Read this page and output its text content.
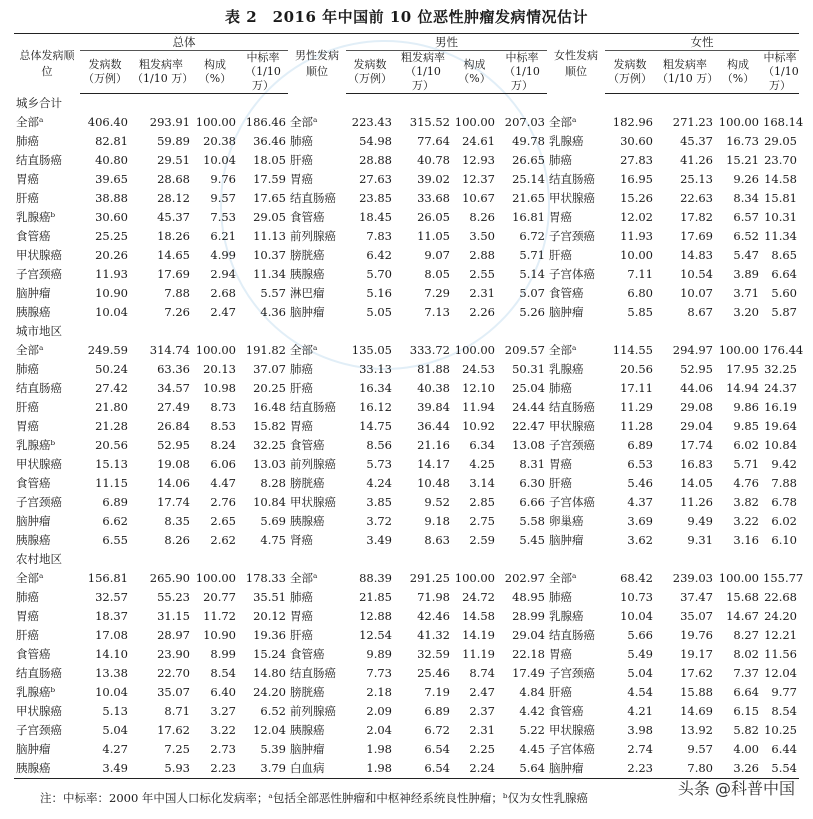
表 2　2016 年中国前 10 位恶性肿瘤发病情况估计
总体发病顺位	总体				男性发病顺位	男性				女性发病顺位	女性			
	发病数（万例）	粗发病率（1/10 万）	构成（%）	中标率（1/10 万）		发病数（万例）	粗发病率（1/10 万）	构成（%）	中标率（1/10 万）		发病数（万例）	粗发病率（1/10 万）	构成（%）	中标率（1/10 万）
城乡合计														
全部ᵃ	406.40	293.91	100.00	186.46	全部ᵃ	223.43	315.52	100.00	207.03	全部ᵃ	182.96	271.23	100.00	168.14
肺癌	82.81	59.89	20.38	36.46	肺癌	54.98	77.64	24.61	49.78	乳腺癌	30.60	45.37	16.73	29.05
结直肠癌	40.80	29.51	10.04	18.05	肝癌	28.88	40.78	12.93	26.65	肺癌	27.83	41.26	15.21	23.70
胃癌	39.65	28.68	9.76	17.59	胃癌	27.63	39.02	12.37	25.14	结直肠癌	16.95	25.13	9.26	14.58
肝癌	38.88	28.12	9.57	17.65	结直肠癌	23.85	33.68	10.67	21.65	甲状腺癌	15.26	22.63	8.34	15.81
乳腺癌ᵇ	30.60	45.37	7.53	29.05	食管癌	18.45	26.05	8.26	16.81	胃癌	12.02	17.82	6.57	10.31
食管癌	25.25	18.26	6.21	11.13	前列腺癌	7.83	11.05	3.50	6.72	子宫颈癌	11.93	17.69	6.52	11.34
甲状腺癌	20.26	14.65	4.99	10.37	膀胱癌	6.42	9.07	2.88	5.71	肝癌	10.00	14.83	5.47	8.65
子宫颈癌	11.93	17.69	2.94	11.34	胰腺癌	5.70	8.05	2.55	5.14	子宫体癌	7.11	10.54	3.89	6.64
脑肿瘤	10.90	7.88	2.68	5.57	淋巴瘤	5.16	7.29	2.31	5.07	食管癌	6.80	10.07	3.71	5.60
胰腺癌	10.04	7.26	2.47	4.36	脑肿瘤	5.05	7.13	2.26	5.26	脑肿瘤	5.85	8.67	3.20	5.87
城市地区														
全部ᵃ	249.59	314.74	100.00	191.82	全部ᵃ	135.05	333.72	100.00	209.57	全部ᵃ	114.55	294.97	100.00	176.44
肺癌	50.24	63.36	20.13	37.07	肺癌	33.13	81.88	24.53	50.31	乳腺癌	20.56	52.95	17.95	32.25
结直肠癌	27.42	34.57	10.98	20.25	肝癌	16.34	40.38	12.10	25.04	肺癌	17.11	44.06	14.94	24.37
肝癌	21.80	27.49	8.73	16.48	结直肠癌	16.12	39.84	11.94	24.44	结直肠癌	11.29	29.08	9.86	16.19
胃癌	21.28	26.84	8.53	15.82	胃癌	14.75	36.44	10.92	22.47	甲状腺癌	11.28	29.04	9.85	19.64
乳腺癌ᵇ	20.56	52.95	8.24	32.25	食管癌	8.56	21.16	6.34	13.08	子宫颈癌	6.89	17.74	6.02	10.84
甲状腺癌	15.13	19.08	6.06	13.03	前列腺癌	5.73	14.17	4.25	8.31	胃癌	6.53	16.83	5.71	9.42
食管癌	11.15	14.06	4.47	8.28	膀胱癌	4.24	10.48	3.14	6.30	肝癌	5.46	14.05	4.76	7.88
子宫颈癌	6.89	17.74	2.76	10.84	甲状腺癌	3.85	9.52	2.85	6.66	子宫体癌	4.37	11.26	3.82	6.78
脑肿瘤	6.62	8.35	2.65	5.69	胰腺癌	3.72	9.18	2.75	5.58	卵巢癌	3.69	9.49	3.22	6.02
胰腺癌	6.55	8.26	2.62	4.75	肾癌	3.49	8.63	2.59	5.45	脑肿瘤	3.62	9.31	3.16	6.10
农村地区														
全部ᵃ	156.81	265.90	100.00	178.33	全部ᵃ	88.39	291.25	100.00	202.97	全部ᵃ	68.42	239.03	100.00	155.77
肺癌	32.57	55.23	20.77	35.51	肺癌	21.85	71.98	24.72	48.95	肺癌	10.73	37.47	15.68	22.68
胃癌	18.37	31.15	11.72	20.12	胃癌	12.88	42.46	14.58	28.99	乳腺癌	10.04	35.07	14.67	24.20
肝癌	17.08	28.97	10.90	19.36	肝癌	12.54	41.32	14.19	29.04	结直肠癌	5.66	19.76	8.27	12.21
食管癌	14.10	23.90	8.99	15.24	食管癌	9.89	32.59	11.19	22.18	胃癌	5.49	19.17	8.02	11.56
结直肠癌	13.38	22.70	8.54	14.80	结直肠癌	7.73	25.46	8.74	17.49	子宫颈癌	5.04	17.62	7.37	12.04
乳腺癌ᵇ	10.04	35.07	6.40	24.20	膀胱癌	2.18	7.19	2.47	4.84	肝癌	4.54	15.88	6.64	9.77
甲状腺癌	5.13	8.71	3.27	6.52	前列腺癌	2.09	6.89	2.37	4.42	食管癌	4.21	14.69	6.15	8.54
子宫颈癌	5.04	17.62	3.22	12.04	胰腺癌	2.04	6.72	2.31	5.22	甲状腺癌	3.98	13.92	5.82	10.25
脑肿瘤	4.27	7.25	2.73	5.39	脑肿瘤	1.98	6.54	2.25	4.45	子宫体癌	2.74	9.57	4.00	6.44
胰腺癌	3.49	5.93	2.23	3.79	白血病	1.98	6.54	2.24	5.64	脑肿瘤	2.23	7.80	3.26	5.54
注：中标率：2000 年中国人口标化发病率；ᵃ包括全部恶性肿瘤和中枢神经系统良性肿瘤；ᵇ仅为女性乳腺癌	头条 @科普中国
